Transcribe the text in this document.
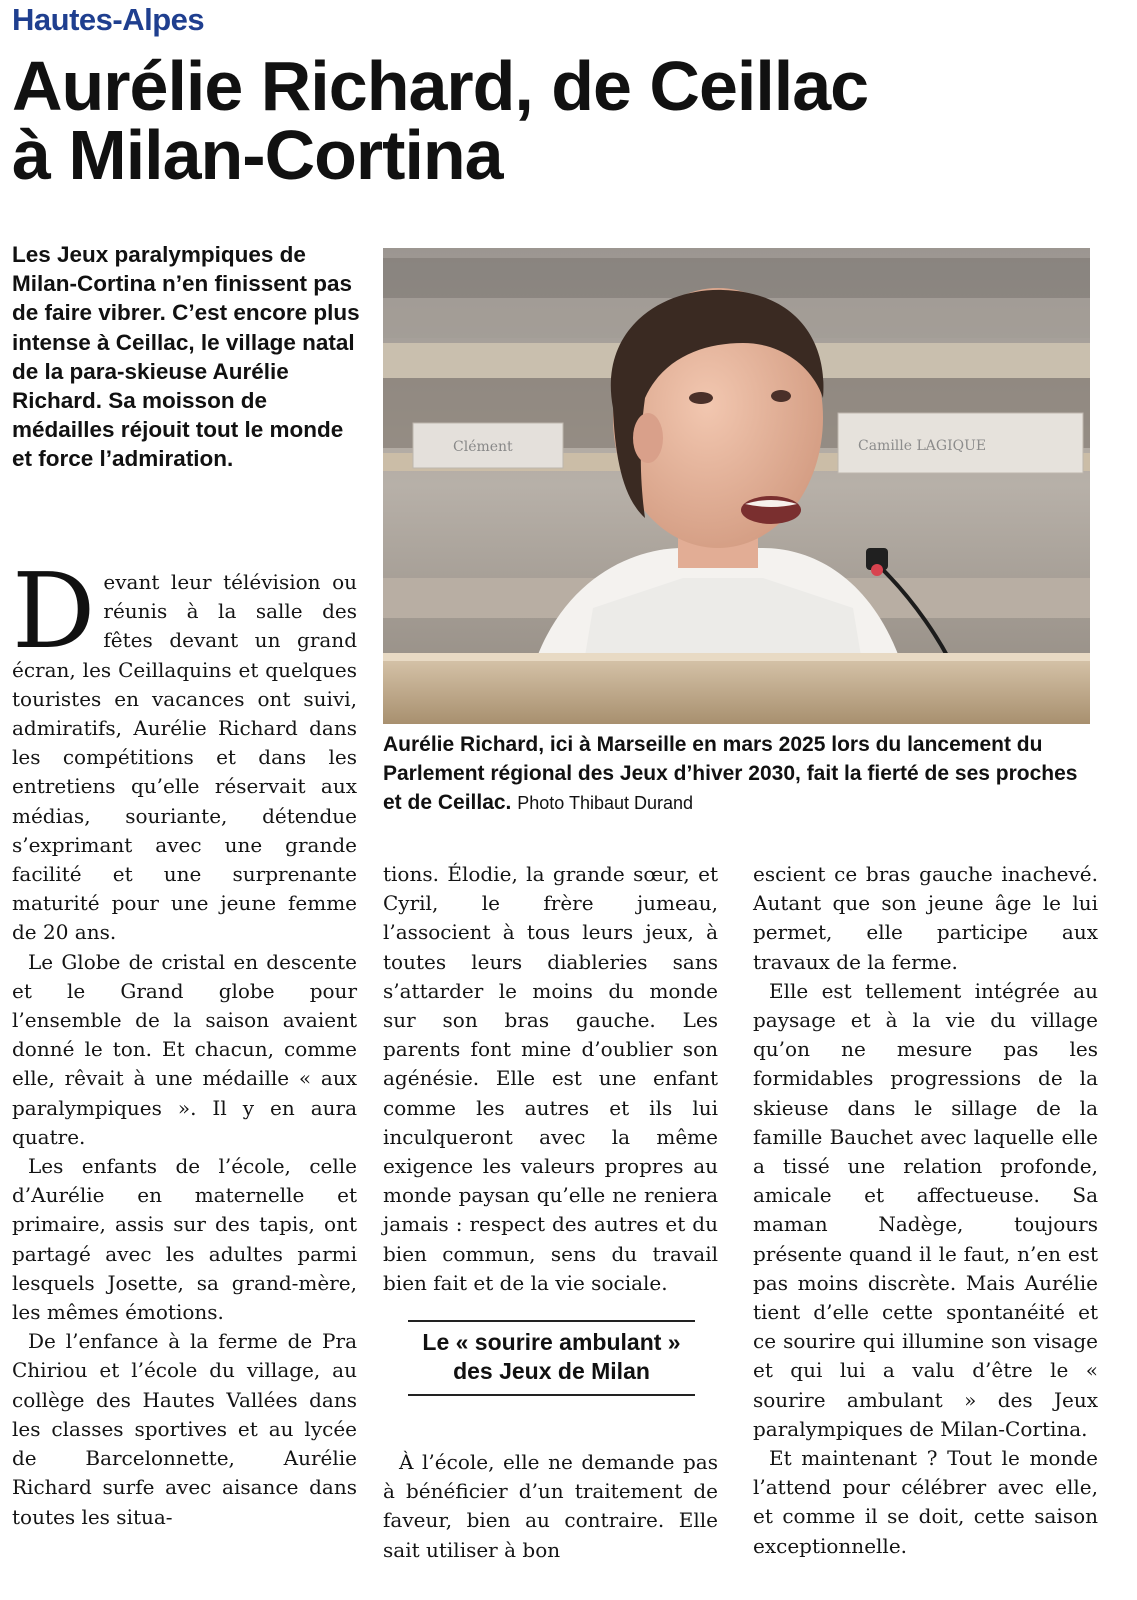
Hautes-Alpes
Aurélie Richard, de Ceillac
à Milan-Cortina
Les Jeux paralympiques de Milan-Cortina n’en finissent pas de faire vibrer. C’est encore plus intense à Ceillac, le village natal de la para-skieuse Aurélie Richard. Sa moisson de médailles réjouit tout le monde et force l’admiration.

Devant leur télévision ou réunis à la salle des fêtes devant un grand écran, les Ceillaquins et quelques touristes en vacances ont suivi, admiratifs, Aurélie Richard dans les compétitions et dans les entretiens qu’elle réservait aux médias, souriante, détendue s’exprimant avec une grande facilité et une surprenante maturité pour une jeune femme de 20 ans.

Le Globe de cristal en descente et le Grand globe pour l’ensemble de la saison avaient donné le ton. Et chacun, comme elle, rêvait à une médaille « aux paralympiques ». Il y en aura quatre.

Les enfants de l’école, celle d’Aurélie en maternelle et primaire, assis sur des tapis, ont partagé avec les adultes parmi lesquels Josette, sa grand-mère, les mêmes émotions.

De l’enfance à la ferme de Pra Chiriou et l’école du village, au collège des Hautes Vallées dans les classes sportives et au lycée de Barcelonnette, Aurélie Richard surfe avec aisance dans toutes les situa-

Clément	Camille LAGIQUE
Aurélie Richard, ici à Marseille en mars 2025 lors du lancement du Parlement régional des Jeux d’hiver 2030, fait la fierté de ses proches et de Ceillac. Photo Thibaut Durand

tions. Élodie, la grande sœur, et Cyril, le frère jumeau, l’associent à tous leurs jeux, à toutes leurs diableries sans s’attarder le moins du monde sur son bras gauche. Les parents font mine d’oublier son agénésie. Elle est une enfant comme les autres et ils lui inculqueront avec la même exigence les valeurs propres au monde paysan qu’elle ne reniera jamais : respect des autres et du bien commun, sens du travail bien fait et de la vie sociale.

Le « sourire ambulant » des Jeux de Milan

À l’école, elle ne demande pas à bénéficier d’un traitement de faveur, bien au contraire. Elle sait utiliser à bon

escient ce bras gauche inachevé. Autant que son jeune âge le lui permet, elle participe aux travaux de la ferme.

Elle est tellement intégrée au paysage et à la vie du village qu’on ne mesure pas les formidables progressions de la skieuse dans le sillage de la famille Bauchet avec laquelle elle a tissé une relation profonde, amicale et affectueuse. Sa maman Nadège, toujours présente quand il le faut, n’en est pas moins discrète. Mais Aurélie tient d’elle cette spontanéité et ce sourire qui illumine son visage et qui lui a valu d’être le « sourire ambulant » des Jeux paralympiques de Milan-Cortina.

Et maintenant ? Tout le monde l’attend pour célébrer avec elle, et comme il se doit, cette saison exceptionnelle.
